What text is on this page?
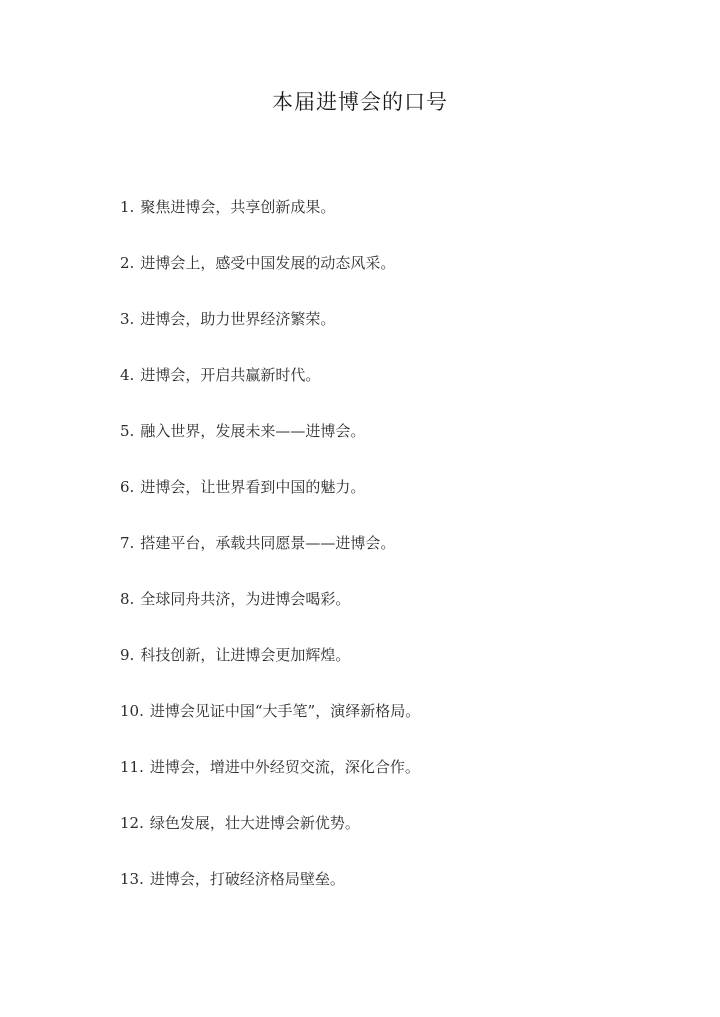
本届进博会的口号
1. 聚焦进博会，共享创新成果。
2. 进博会上，感受中国发展的动态风采。
3. 进博会，助力世界经济繁荣。
4. 进博会，开启共赢新时代。
5. 融入世界，发展未来——进博会。
6. 进博会，让世界看到中国的魅力。
7. 搭建平台，承载共同愿景——进博会。
8. 全球同舟共济，为进博会喝彩。
9. 科技创新，让进博会更加辉煌。
10. 进博会见证中国“大手笔”，演绎新格局。
11. 进博会，增进中外经贸交流，深化合作。
12. 绿色发展，壮大进博会新优势。
13. 进博会，打破经济格局壁垒。
